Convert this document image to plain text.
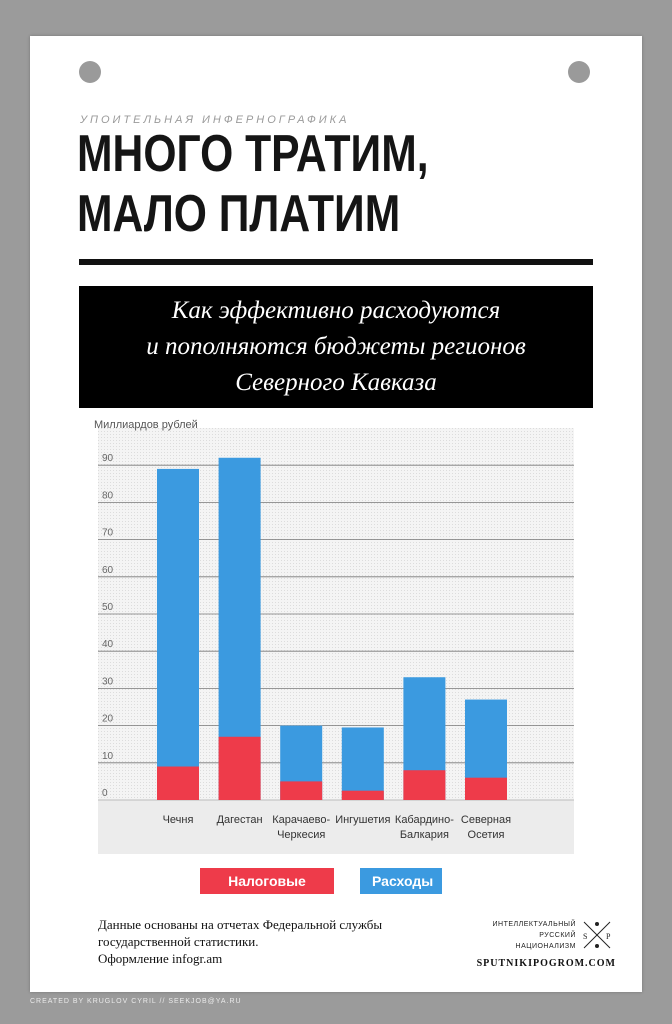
УПОИТЕЛЬНАЯ ИНФЕРНОГРАФИКА
МНОГО ТРАТИМ,
МАЛО ПЛАТИМ
Как эффективно расходуются
и пополняются бюджеты регионов
Северного Кавказа
0
10
20
30
40
50
60
70
80
90
Чечня Дагестан Карачаево-
Черкесия
Ингушетия Кабардино-
Балкария
Северная
Осетия
Миллиардов рублей
Налоговые сборы
Расходы
Данные основаны на отчетах Федеральной службы
государственной статистики.
Оформление infogr.am
ИНТЕЛЛЕКТУАЛЬНЫЙ
РУССКИЙ
НАЦИОНАЛИЗМ
S P
SPUTNIKIPOGROM.COM
CREATED BY KRUGLOV CYRIL // SEEKJOB@YA.RU
